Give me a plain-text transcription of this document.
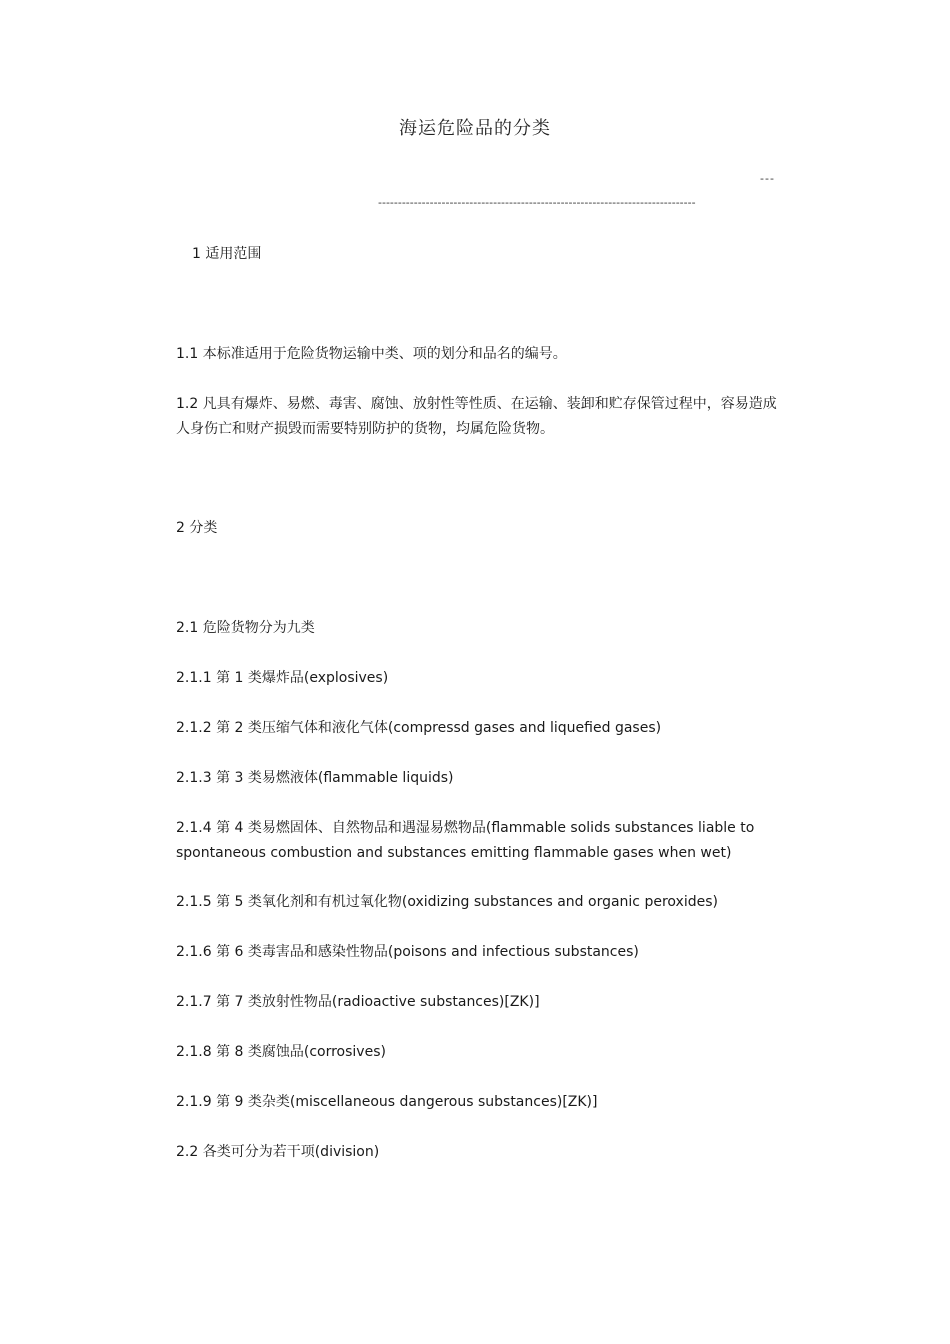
海运危险品的分类
---
--------------------------------------------------------------------------------
1 适用范围
1.1 本标准适用于危险货物运输中类、项的划分和品名的编号。
1.2 凡具有爆炸、易燃、毒害、腐蚀、放射性等性质、在运输、装卸和贮存保管过程中，容易造成人身伤亡和财产损毁而需要特别防护的货物，均属危险货物。
2 分类
2.1 危险货物分为九类
2.1.1 第 1 类爆炸品(explosives)
2.1.2 第 2 类压缩气体和液化气体(compressd gases and liquefied gases)
2.1.3 第 3 类易燃液体(flammable liquids)
2.1.4 第 4 类易燃固体、自然物品和遇湿易燃物品(flammable solids substances liable to spontaneous combustion and substances emitting flammable gases when wet)
2.1.5 第 5 类氧化剂和有机过氧化物(oxidizing substances and organic peroxides)
2.1.6 第 6 类毒害品和感染性物品(poisons and infectious substances)
2.1.7 第 7 类放射性物品(radioactive substances)[ZK)]
2.1.8 第 8 类腐蚀品(corrosives)
2.1.9 第 9 类杂类(miscellaneous dangerous substances)[ZK)]
2.2 各类可分为若干项(division)
